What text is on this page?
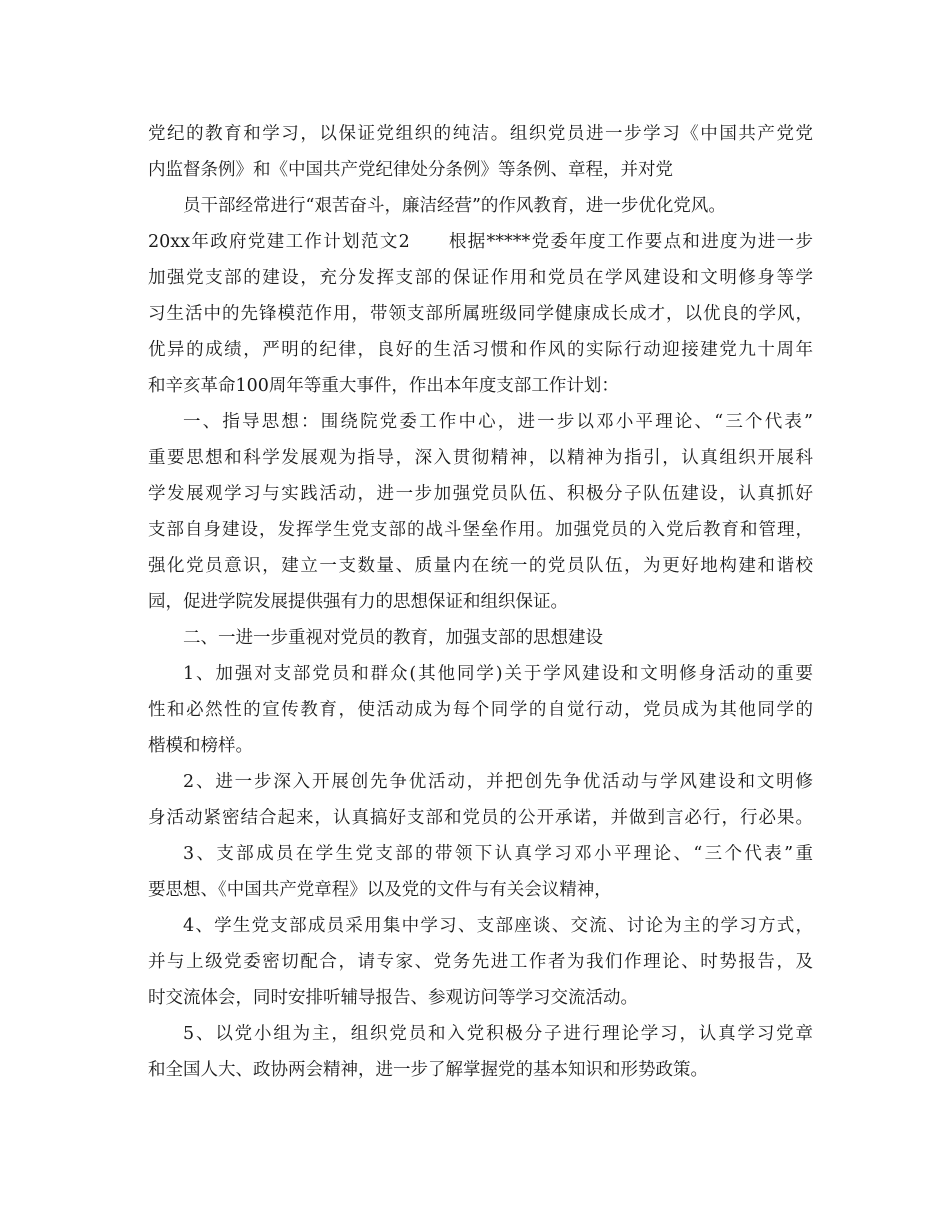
党纪的教育和学习，以保证党组织的纯洁。组织党员进一步学习《中国共产党党
内监督条例》和《中国共产党纪律处分条例》等条例、章程，并对党
员干部经常进行“艰苦奋斗，廉洁经营”的作风教育，进一步优化党风。
20xx年政府党建工作计划范文2　　根据*****党委年度工作要点和进度为进一步
加强党支部的建设，充分发挥支部的保证作用和党员在学风建设和文明修身等学
习生活中的先锋模范作用，带领支部所属班级同学健康成长成才，以优良的学风，
优异的成绩，严明的纪律，良好的生活习惯和作风的实际行动迎接建党九十周年
和辛亥革命100周年等重大事件，作出本年度支部工作计划：
一、指导思想：围绕院党委工作中心，进一步以邓小平理论、“三个代表”
重要思想和科学发展观为指导，深入贯彻精神，以精神为指引，认真组织开展科
学发展观学习与实践活动，进一步加强党员队伍、积极分子队伍建设，认真抓好
支部自身建设，发挥学生党支部的战斗堡垒作用。加强党员的入党后教育和管理，
强化党员意识，建立一支数量、质量内在统一的党员队伍，为更好地构建和谐校
园，促进学院发展提供强有力的思想保证和组织保证。
二、一进一步重视对党员的教育，加强支部的思想建设
1、加强对支部党员和群众(其他同学)关于学风建设和文明修身活动的重要
性和必然性的宣传教育，使活动成为每个同学的自觉行动，党员成为其他同学的
楷模和榜样。
2、进一步深入开展创先争优活动，并把创先争优活动与学风建设和文明修
身活动紧密结合起来，认真搞好支部和党员的公开承诺，并做到言必行，行必果。
3、支部成员在学生党支部的带领下认真学习邓小平理论、“三个代表”重
要思想、《中国共产党章程》以及党的文件与有关会议精神，
4、学生党支部成员采用集中学习、支部座谈、交流、讨论为主的学习方式，
并与上级党委密切配合，请专家、党务先进工作者为我们作理论、时势报告，及
时交流体会，同时安排听辅导报告、参观访问等学习交流活动。
5、以党小组为主，组织党员和入党积极分子进行理论学习，认真学习党章
和全国人大、政协两会精神，进一步了解掌握党的基本知识和形势政策。
